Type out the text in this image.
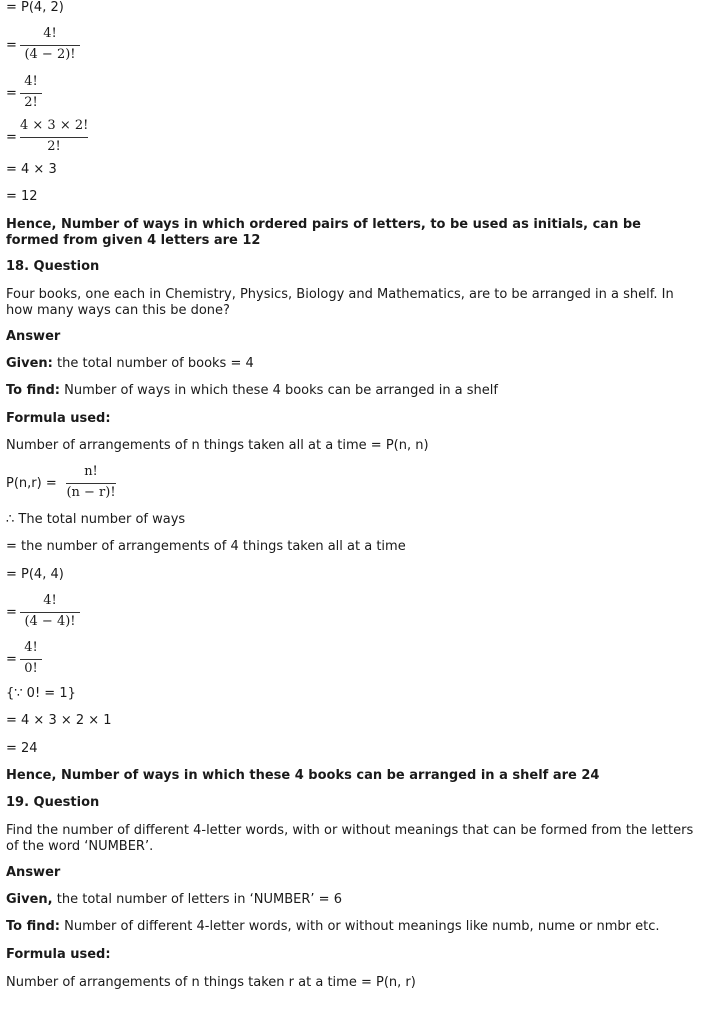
= P(4, 2)
=
4!
(4 − 2)!
=
4!
2!
=
4 × 3 × 2!
2!
= 4 × 3
= 12
Hence, Number of ways in which ordered pairs of letters, to be used as initials, can be formed from given 4 letters are 12
18. Question
Four books, one each in Chemistry, Physics, Biology and Mathematics, are to be arranged in a shelf. In how many ways can this be done?
Answer
Given: the total number of books = 4
To find: Number of ways in which these 4 books can be arranged in a shelf
Formula used:
Number of arrangements of n things taken all at a time = P(n, n)
P(n,r) =
n!
(n − r)!
∴ The total number of ways
= the number of arrangements of 4 things taken all at a time
= P(4, 4)
=
4!
(4 − 4)!
=
4!
0!
{∵ 0! = 1}
= 4 × 3 × 2 × 1
= 24
Hence, Number of ways in which these 4 books can be arranged in a shelf are 24
19. Question
Find the number of different 4-letter words, with or without meanings that can be formed from the letters of the word ‘NUMBER’.
Answer
Given, the total number of letters in ‘NUMBER’ = 6
To find: Number of different 4-letter words, with or without meanings like numb, nume or nmbr etc.
Formula used:
Number of arrangements of n things taken r at a time = P(n, r)
